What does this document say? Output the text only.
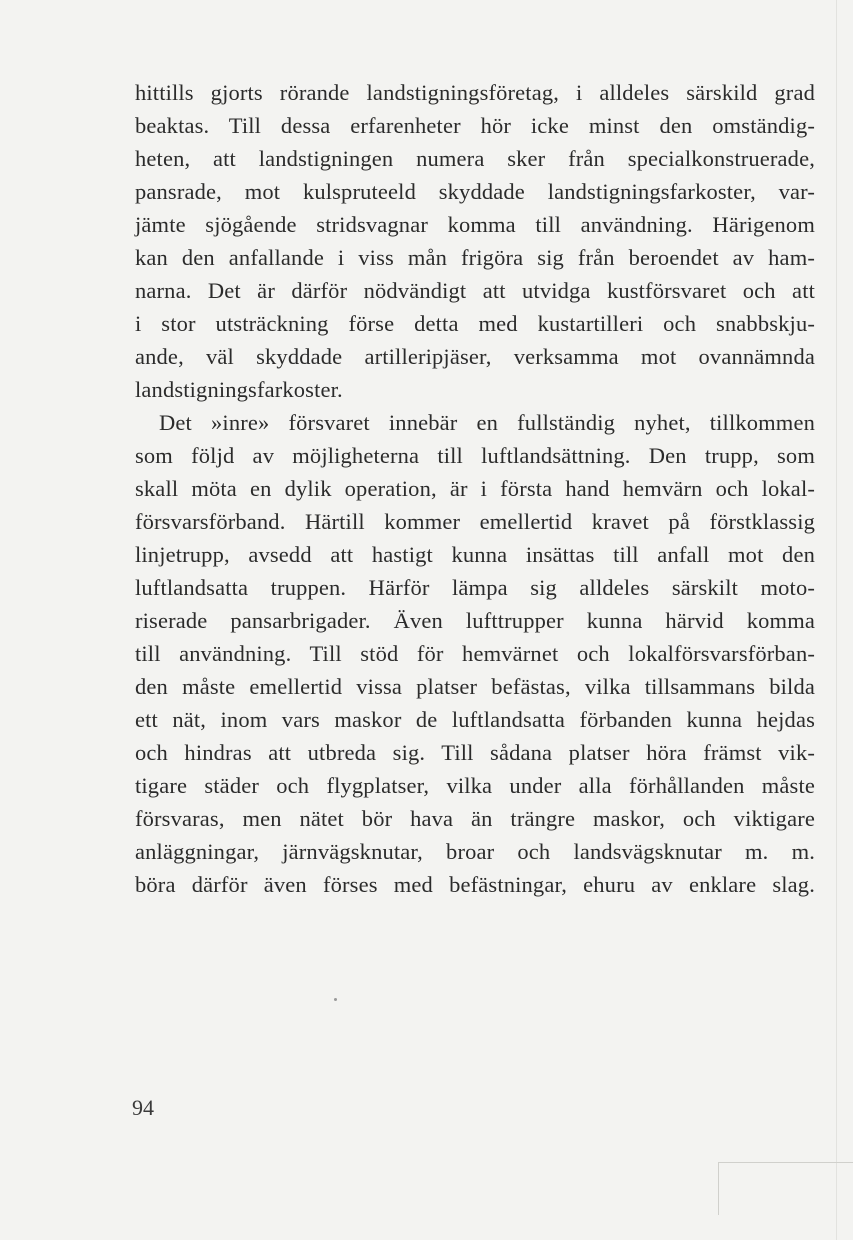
hittills gjorts rörande landstigningsföretag, i alldeles särskild grad
beaktas. Till dessa erfarenheter hör icke minst den omständig-
heten, att landstigningen numera sker från specialkonstruerade,
pansrade, mot kulspruteeld skyddade landstigningsfarkoster, var-
jämte sjögående stridsvagnar komma till användning. Härigenom
kan den anfallande i viss mån frigöra sig från beroendet av ham-
narna. Det är därför nödvändigt att utvidga kustförsvaret och att
i stor utsträckning förse detta med kustartilleri och snabbskju-
ande, väl skyddade artilleripjäser, verksamma mot ovannämnda
landstigningsfarkoster.
Det »inre» försvaret innebär en fullständig nyhet, tillkommen
som följd av möjligheterna till luftlandsättning. Den trupp, som
skall möta en dylik operation, är i första hand hemvärn och lokal-
försvarsförband. Härtill kommer emellertid kravet på förstklassig
linjetrupp, avsedd att hastigt kunna insättas till anfall mot den
luftlandsatta truppen. Härför lämpa sig alldeles särskilt moto-
riserade pansarbrigader. Även lufttrupper kunna härvid komma
till användning. Till stöd för hemvärnet och lokalförsvarsförban-
den måste emellertid vissa platser befästas, vilka tillsammans bilda
ett nät, inom vars maskor de luftlandsatta förbanden kunna hejdas
och hindras att utbreda sig. Till sådana platser höra främst vik-
tigare städer och flygplatser, vilka under alla förhållanden måste
försvaras, men nätet bör hava än trängre maskor, och viktigare
anläggningar, järnvägsknutar, broar och landsvägsknutar m. m.
böra därför även förses med befästningar, ehuru av enklare slag.
94
